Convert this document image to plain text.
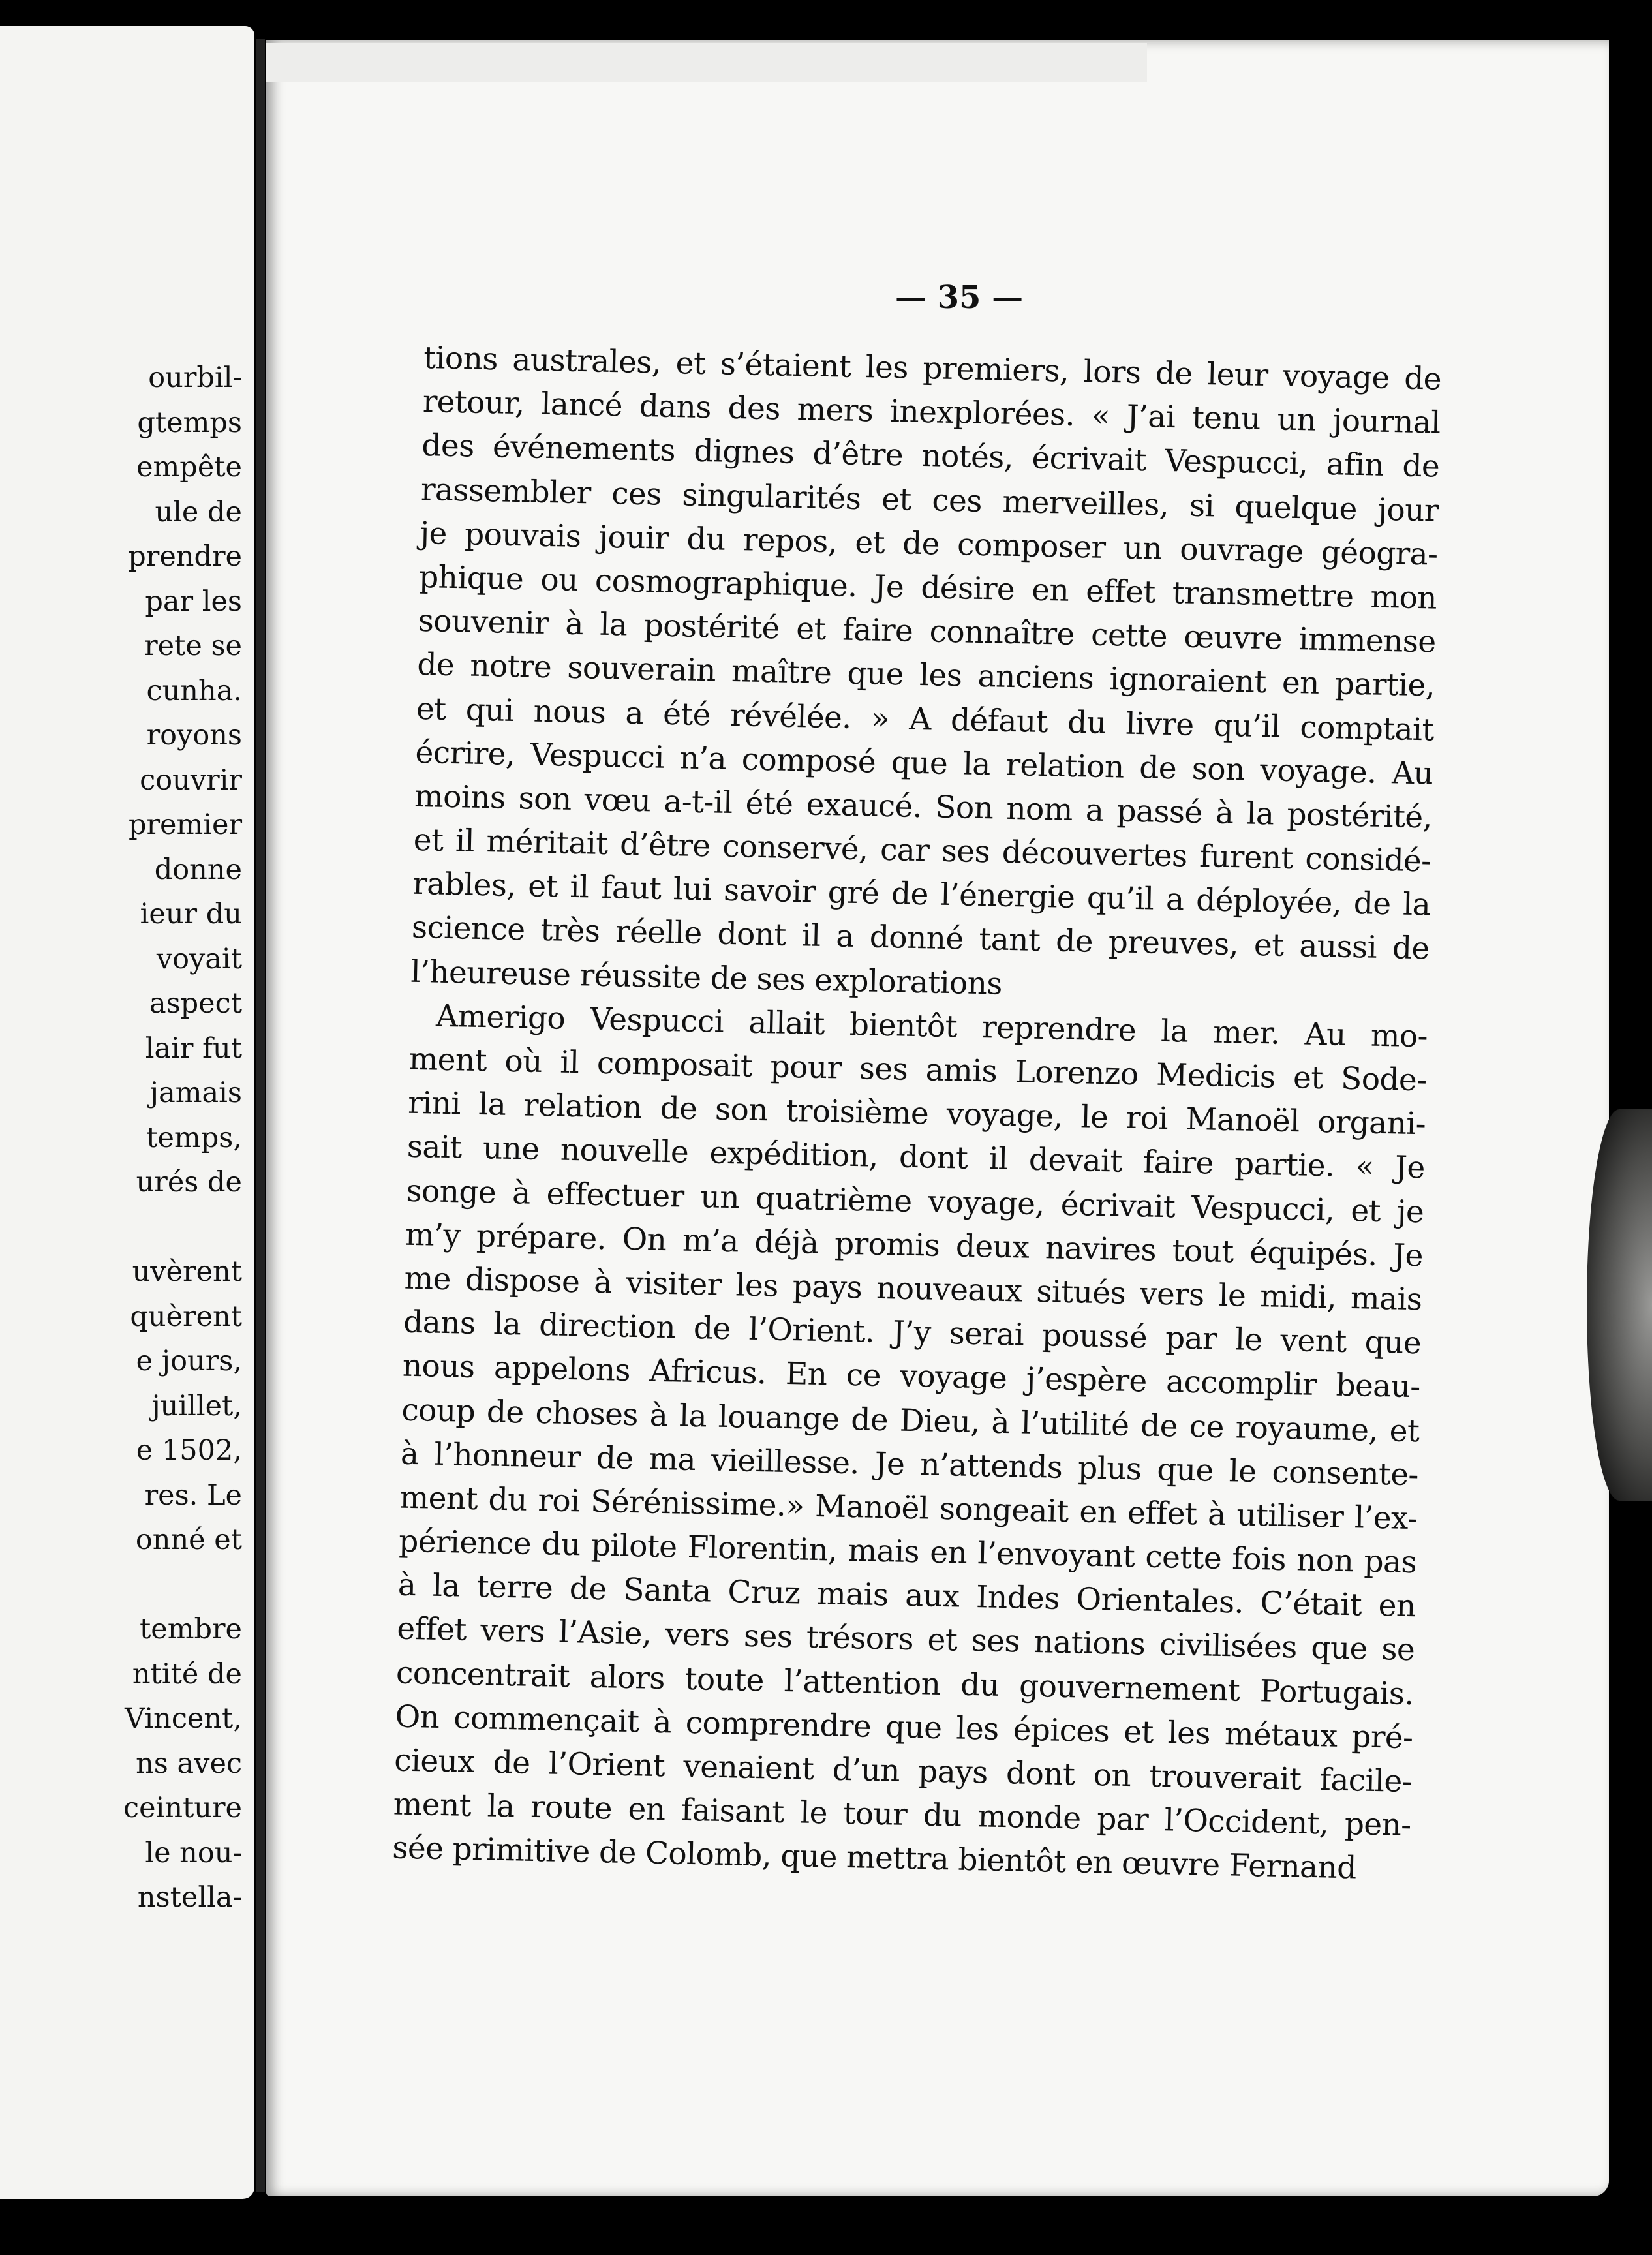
ourbil-
gtemps
empête
ule de
prendre
par les
rete se
cunha.
royons
couvrir
premier
donne
ieur du
voyait
aspect
lair fut
jamais
temps,
urés de
uvèrent
quèrent
e jours,
juillet,
e 1502,
res. Le
onné et
tembre
ntité de
Vincent,
ns avec
ceinture
le nou-
nstella-
— 35 —
tions australes, et s’étaient les premiers, lors de leur voyage de
retour, lancé dans des mers inexplorées. « J’ai tenu un journal
des événements dignes d’être notés, écrivait Vespucci, afin de
rassembler ces singularités et ces merveilles, si quelque jour
je pouvais jouir du repos, et de composer un ouvrage géogra-
phique ou cosmographique. Je désire en effet transmettre mon
souvenir à la postérité et faire connaître cette œuvre immense
de notre souverain maître que les anciens ignoraient en partie,
et qui nous a été révélée. » A défaut du livre qu’il comptait
écrire, Vespucci n’a composé que la relation de son voyage. Au
moins son vœu a-t-il été exaucé. Son nom a passé à la postérité,
et il méritait d’être conservé, car ses découvertes furent considé-
rables, et il faut lui savoir gré de l’énergie qu’il a déployée, de la
science très réelle dont il a donné tant de preuves, et aussi de
l’heureuse réussite de ses explorations
Amerigo Vespucci allait bientôt reprendre la mer. Au mo-
ment où il composait pour ses amis Lorenzo Medicis et Sode-
rini la relation de son troisième voyage, le roi Manoël organi-
sait une nouvelle expédition, dont il devait faire partie. « Je
songe à effectuer un quatrième voyage, écrivait Vespucci, et je
m’y prépare. On m’a déjà promis deux navires tout équipés. Je
me dispose à visiter les pays nouveaux situés vers le midi, mais
dans la direction de l’Orient. J’y serai poussé par le vent que
nous appelons Africus. En ce voyage j’espère accomplir beau-
coup de choses à la louange de Dieu, à l’utilité de ce royaume, et
à l’honneur de ma vieillesse. Je n’attends plus que le consente-
ment du roi Sérénissime.» Manoël songeait en effet à utiliser l’ex-
périence du pilote Florentin, mais en l’envoyant cette fois non pas
à la terre de Santa Cruz mais aux Indes Orientales. C’était en
effet vers l’Asie, vers ses trésors et ses nations civilisées que se
concentrait alors toute l’attention du gouvernement Portugais.
On commençait à comprendre que les épices et les métaux pré-
cieux de l’Orient venaient d’un pays dont on trouverait facile-
ment la route en faisant le tour du monde par l’Occident, pen-
sée primitive de Colomb, que mettra bientôt en œuvre Fernand
